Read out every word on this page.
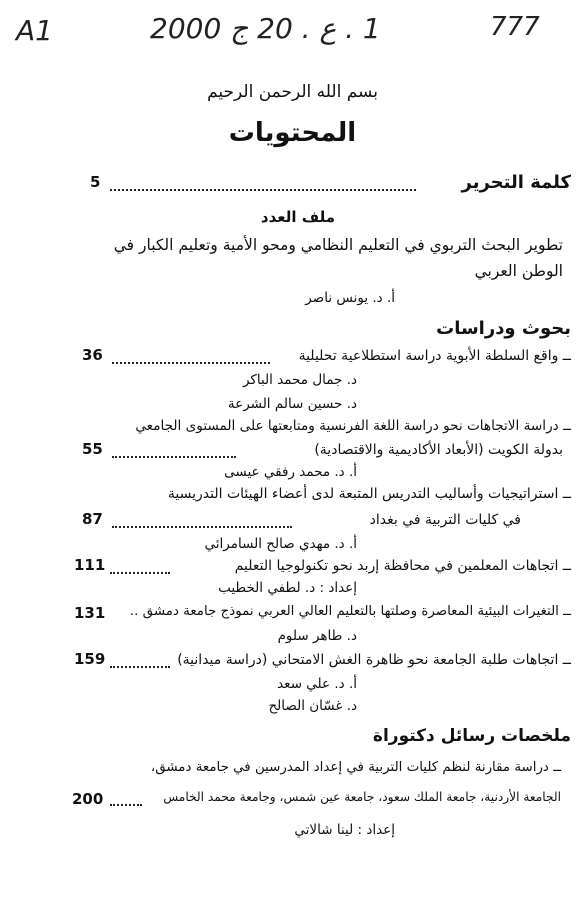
A1	1 . ع . 20 ج 2000	777
بسم الله الرحمن الرحيم
المحتويات
كلمة التحرير
5
ملف العدد
تطوير البحث التربوي في التعليم النظامي ومحو الأمية وتعليم الكبار في
الوطن العربي
أ. د. يونس ناصر
بحوث ودراسات
ــ واقع السلطة الأبوية دراسة استطلاعية تحليلية
36
د. جمال محمد الباكر
د. حسين سالم الشرعة
ــ دراسة الاتجاهات نحو دراسة اللغة الفرنسية ومتابعتها على المستوى الجامعي
بدولة الكويت (الأبعاد الأكاديمية والاقتصادية)
55
أ. د. محمد رفقي عيسى
ــ استراتيجيات وأساليب التدريس المتبعة لدى أعضاء الهيئات التدريسية
في كليات التربية في بغداد
87
أ. د. مهدي صالح السامرائي
ــ اتجاهات المعلمين في محافظة إربد نحو تكنولوجيا التعليم
111
إعداد : د. لطفي الخطيب
ــ التغيرات البيئية المعاصرة وصلتها بالتعليم العالي العربي نموذج جامعة دمشق ..
131
د. طاهر سلوم
ــ اتجاهات طلبة الجامعة نحو ظاهرة الغش الامتحاني (دراسة ميدانية)
159
أ. د. علي سعد
د. غسّان الصالح
ملخصات رسائل دكتوراة
ــ دراسة مقارنة لنظم كليات التربية في إعداد المدرسين في جامعة دمشق،
الجامعة الأردنية، جامعة الملك سعود، جامعة عين شمس، وجامعة محمد الخامس
200
إعداد : لينا شالاتي
